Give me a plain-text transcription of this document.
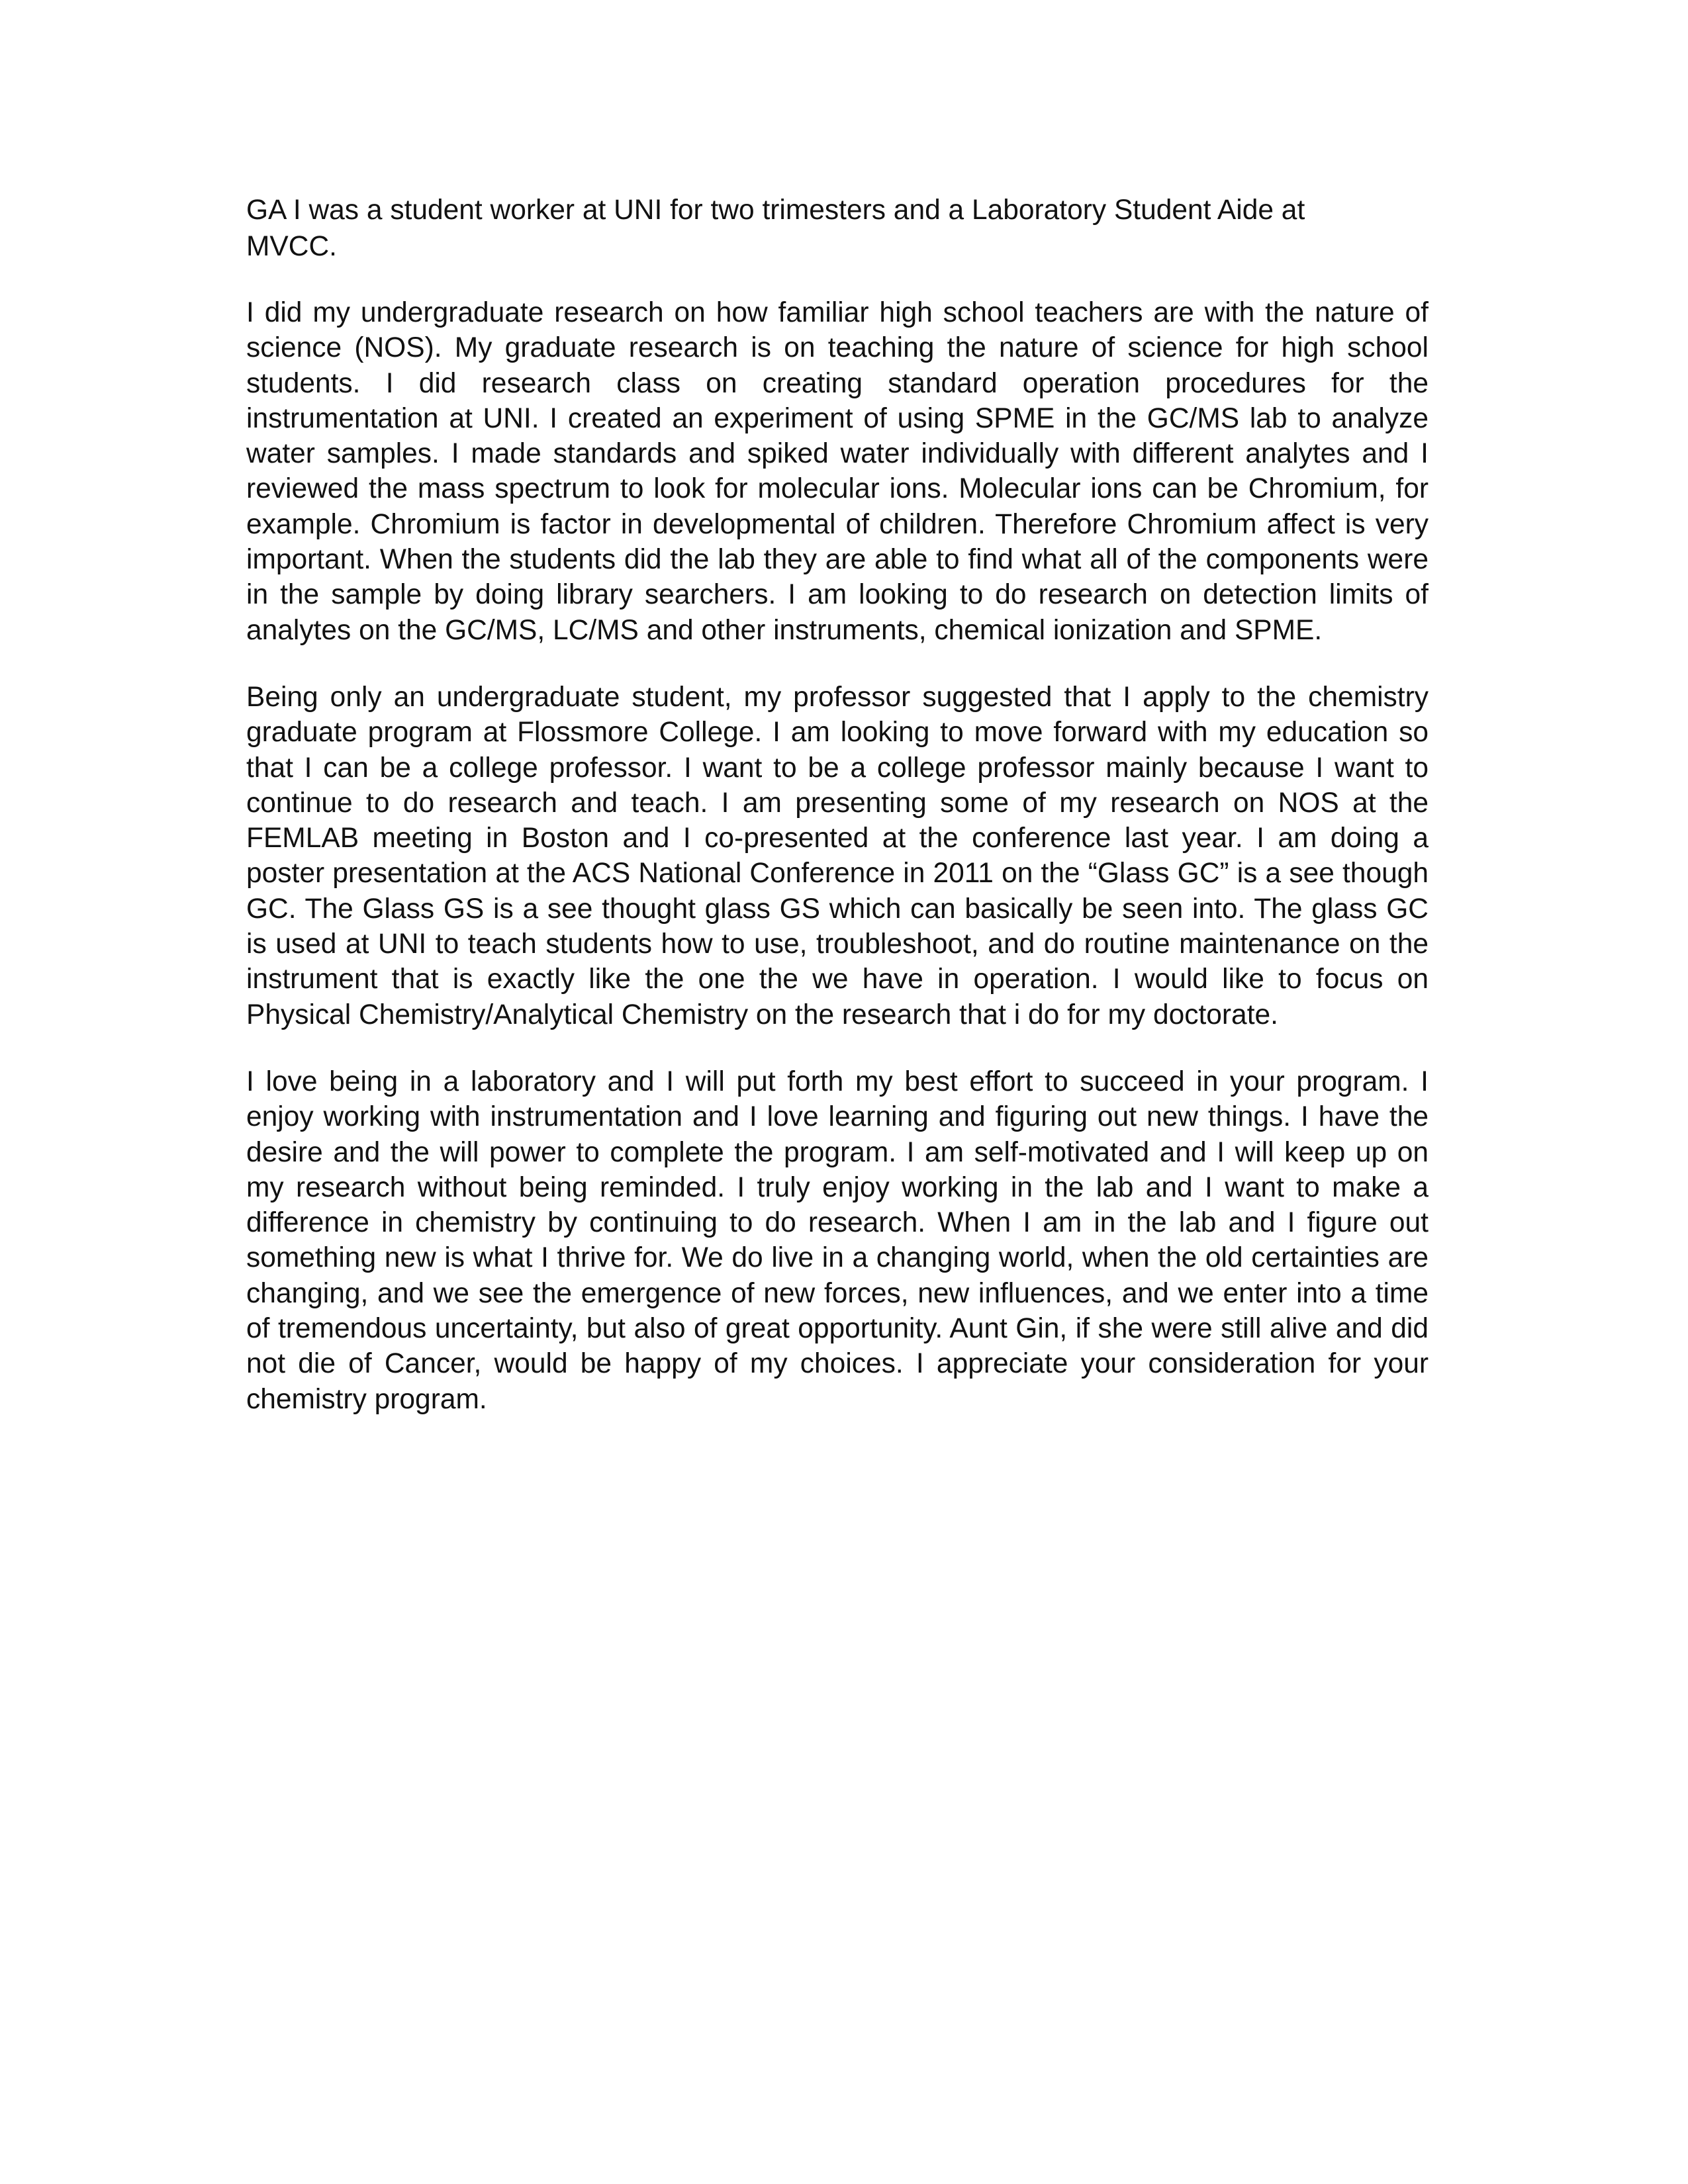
GA I was a student worker at UNI for two trimesters and a Laboratory Student Aide at MVCC.

I did my undergraduate research on how familiar high school teachers are with the nature of science (NOS). My graduate research is on teaching the nature of science for high school students. I did research class on creating standard operation procedures for the instrumentation at UNI. I created an experiment of using SPME in the GC/MS lab to analyze water samples. I made standards and spiked water individually with different analytes and I reviewed the mass spectrum to look for molecular ions. Molecular ions can be Chromium, for example. Chromium is factor in developmental of children. Therefore Chromium affect is very important. When the students did the lab they are able to find what all of the components were in the sample by doing library searchers. I am looking to do research on detection limits of analytes on the GC/MS, LC/MS and other instruments, chemical ionization and SPME.

Being only an undergraduate student, my professor suggested that I apply to the chemistry graduate program at Flossmore College. I am looking to move forward with my education so that I can be a college professor. I want to be a college professor mainly because I want to continue to do research and teach. I am presenting some of my research on NOS at the FEMLAB meeting in Boston and I co-presented at the conference last year. I am doing a poster presentation at the ACS National Conference in 2011 on the “Glass GC” is a see though GC. The Glass GS is a see thought glass GS which can basically be seen into. The glass GC is used at UNI to teach students how to use, troubleshoot, and do routine maintenance on the instrument that is exactly like the one the we have in operation. I would like to focus on Physical Chemistry/Analytical Chemistry on the research that i do for my doctorate.

I love being in a laboratory and I will put forth my best effort to succeed in your program. I enjoy working with instrumentation and I love learning and figuring out new things. I have the desire and the will power to complete the program. I am self-motivated and I will keep up on my research without being reminded. I truly enjoy working in the lab and I want to make a difference in chemistry by continuing to do research. When I am in the lab and I figure out something new is what I thrive for. We do live in a changing world, when the old certainties are changing, and we see the emergence of new forces, new influences, and we enter into a time of tremendous uncertainty, but also of great opportunity. Aunt Gin, if she were still alive and did not die of Cancer, would be happy of my choices. I appreciate your consideration for your chemistry program.
